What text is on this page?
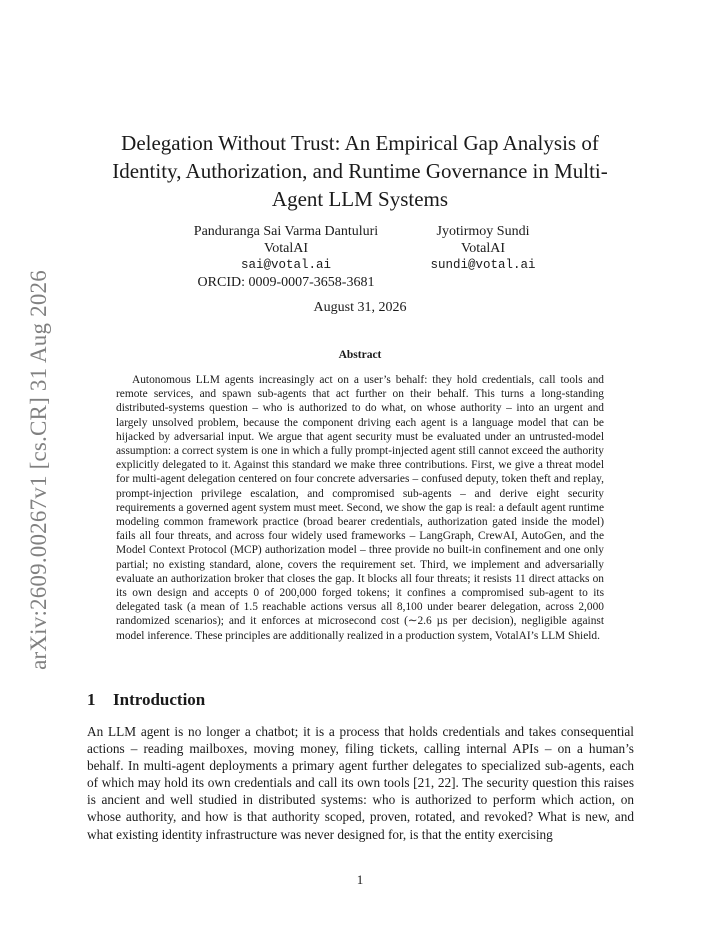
arXiv:2609.00267v1 [cs.CR] 31 Aug 2026
Delegation Without Trust: An Empirical Gap Analysis of Identity, Authorization, and Runtime Governance in Multi-Agent LLM Systems
Panduranga Sai Varma Dantuluri
VotalAI
sai@votal.ai
ORCID: 0009-0007-3658-3681
Jyotirmoy Sundi
VotalAI
sundi@votal.ai
August 31, 2026
Abstract

Autonomous LLM agents increasingly act on a user’s behalf: they hold credentials, call tools and remote services, and spawn sub-agents that act further on their behalf. This turns a long-standing distributed-systems question – who is authorized to do what, on whose authority – into an urgent and largely unsolved problem, because the component driving each agent is a language model that can be hijacked by adversarial input. We argue that agent security must be evaluated under an untrusted-model assumption: a correct system is one in which a fully prompt-injected agent still cannot exceed the authority explicitly delegated to it. Against this standard we make three contributions. First, we give a threat model for multi-agent delegation centered on four concrete adversaries – confused deputy, token theft and replay, prompt-injection privilege escalation, and compromised sub-agents – and derive eight security requirements a governed agent system must meet. Second, we show the gap is real: a default agent runtime modeling common framework practice (broad bearer credentials, authorization gated inside the model) fails all four threats, and across four widely used frameworks – LangGraph, CrewAI, AutoGen, and the Model Context Protocol (MCP) authorization model – three provide no built-in confinement and one only partial; no existing standard, alone, covers the requirement set. Third, we implement and adversarially evaluate an authorization broker that closes the gap. It blocks all four threats; it resists 11 direct attacks on its own design and accepts 0 of 200,000 forged tokens; it confines a compromised sub-agent to its delegated task (a mean of 1.5 reachable actions versus all 8,100 under bearer delegation, across 2,000 randomized scenarios); and it enforces at microsecond cost (∼2.6 µs per decision), negligible against model inference. These principles are additionally realized in a production system, VotalAI’s LLM Shield.

1 Introduction

An LLM agent is no longer a chatbot; it is a process that holds credentials and takes consequential actions – reading mailboxes, moving money, filing tickets, calling internal APIs – on a human’s behalf. In multi-agent deployments a primary agent further delegates to specialized sub-agents, each of which may hold its own credentials and call its own tools [21, 22]. The security question this raises is ancient and well studied in distributed systems: who is authorized to perform which action, on whose authority, and how is that authority scoped, proven, rotated, and revoked? What is new, and what existing identity infrastructure was never designed for, is that the entity exercising

1
